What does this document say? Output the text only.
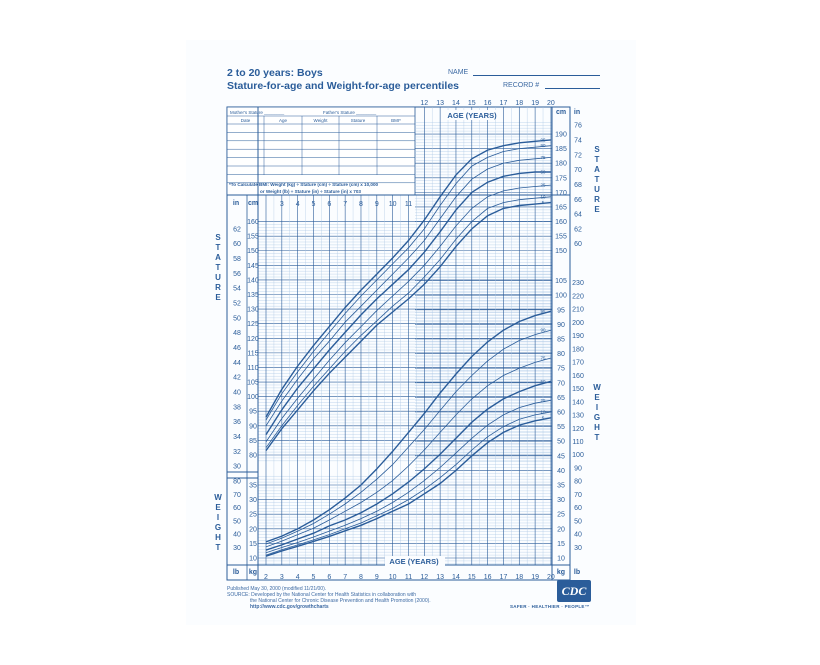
2 to 20 years: Boys
Stature-for-age and Weight-for-age percentiles
NAME
RECORD #
Mother's Stature ________	Father's Stature ________
Date	Age	Weight	Stature	BMI*
*To Calculate BMI: Weight (kg) ÷ Stature (cm) ÷ Stature (cm) x 10,000
or Weight (lb) ÷ Stature (in) ÷ Stature (in) x 703
3 4 5 6 7 8 9 10 11
12 13 14 15 16 17 18 19 20
2 3 4 5 6 7 8 9 10 11 12 13 14 15 16 17 18 19 20
AGE (YEARS)
AGE (YEARS)
in cm
cm in
lb kg	kg lb
80
85
90
95
100
105
110
115
120
125
130
135
140
145
150	150
155	155
160	160
165
170
175
180
185
190
30
32
34
36
38
40
42
44
46
48
50
52
54
56
58
60	60
62	62
64
66
68
70
72
74
76
10	10
15	15
20	20
25	25
30	30
35	35
40
45
50
55
60
65
70
75
80
85
90
95
100
105
30	30
40	40
50	50
60	60
70	70
80	80
90
100
110
120
130
140
150
160
170
180
190
200
210
220
230
95
90
75
50
25
10
5
95
90
75
50
25
10
5
S
T
A
T
U
R
E
W
E
I
G
H
T
S
T
A
T
U
R
E
W
E
I
G
H
T
Published May 30, 2000 (modified 11/21/00).
SOURCE: Developed by the National Center for Health Statistics in collaboration with
the National Center for Chronic Disease Prevention and Health Promotion (2000).
http://www.cdc.gov/growthcharts
CDC
SAFER · HEALTHIER · PEOPLE™
